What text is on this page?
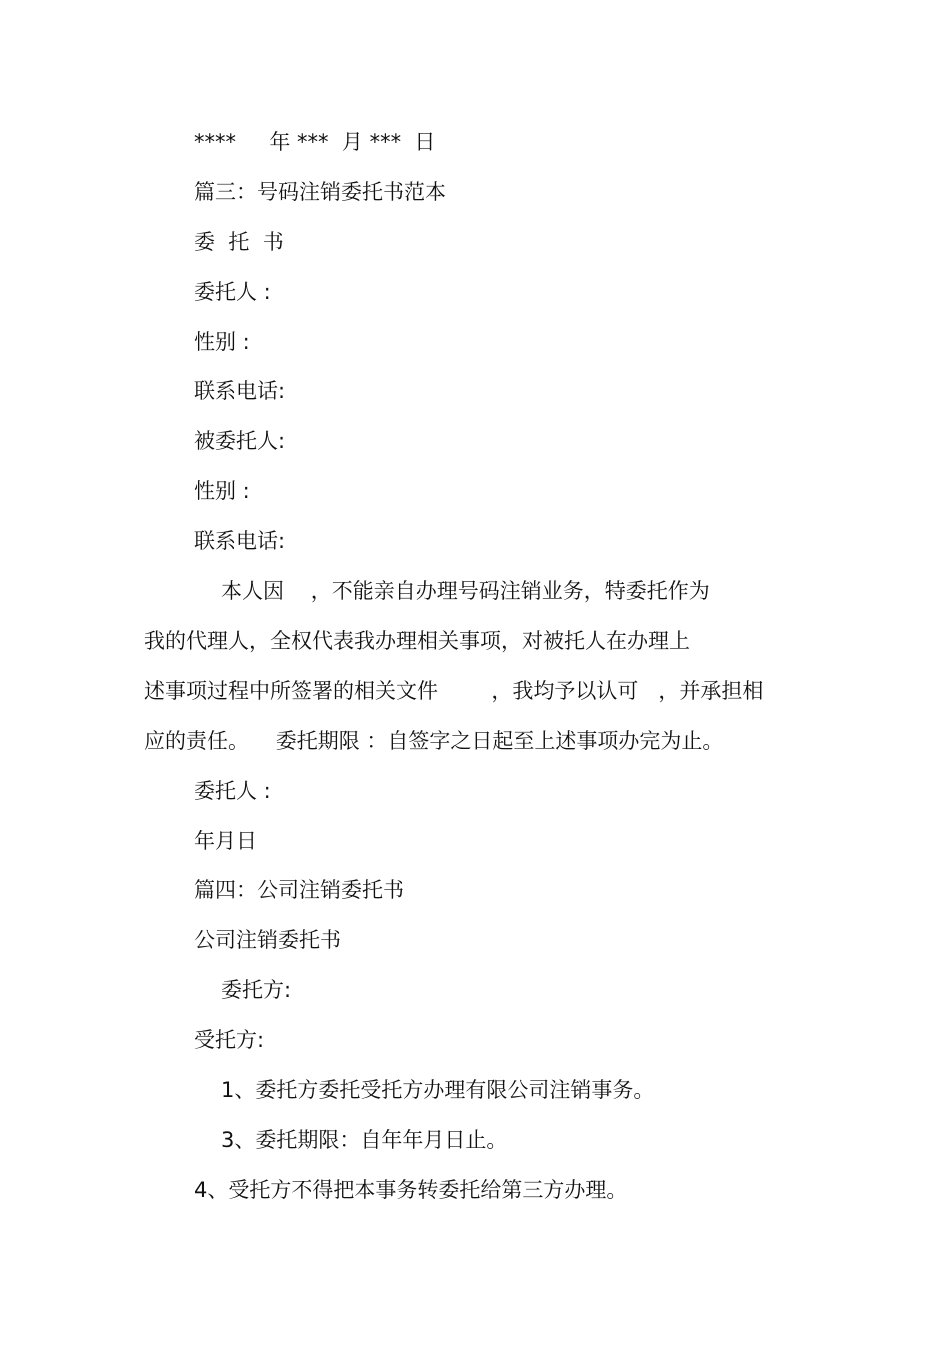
****     年 ***  月 ***  日
篇三：号码注销委托书范本
委  托  书
委托人 :
性别 :
联系电话:
被委托人:
性别 :
联系电话:
本人因    ，不能亲自办理号码注销业务，特委托作为
我的代理人，全权代表我办理相关事项，对被托人在办理上
述事项过程中所签署的相关文件        ，我均予以认可   ，并承担相
应的责任。    委托期限 ：自签字之日起至上述事项办完为止。
委托人 :
年月日
篇四：公司注销委托书
公司注销委托书
委托方:
受托方:
1、委托方委托受托方办理有限公司注销事务。
3、委托期限：自年年月日止。
4、受托方不得把本事务转委托给第三方办理。
